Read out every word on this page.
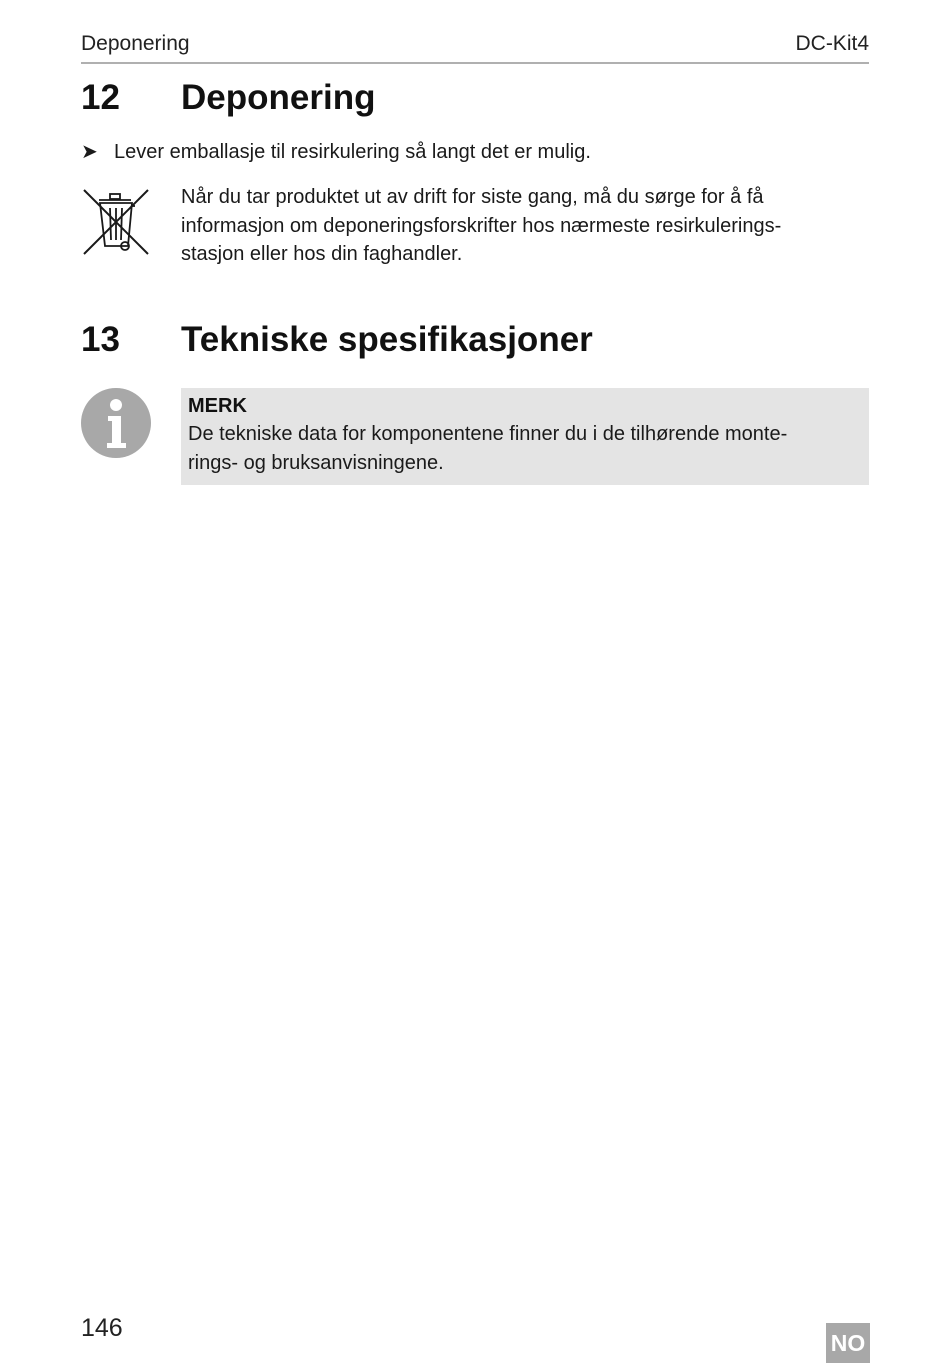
Deponering	DC-Kit4
12 Deponering
➤ Lever emballasje til resirkulering så langt det er mulig.
Når du tar produktet ut av drift for siste gang, må du sørge for å få
informasjon om deponeringsforskrifter hos nærmeste resirkulerings-
stasjon eller hos din faghandler.
13 Tekniske spesifikasjoner
MERK
De tekniske data for komponentene finner du i de tilhørende monte-
rings- og bruksanvisningene.
146
NO
